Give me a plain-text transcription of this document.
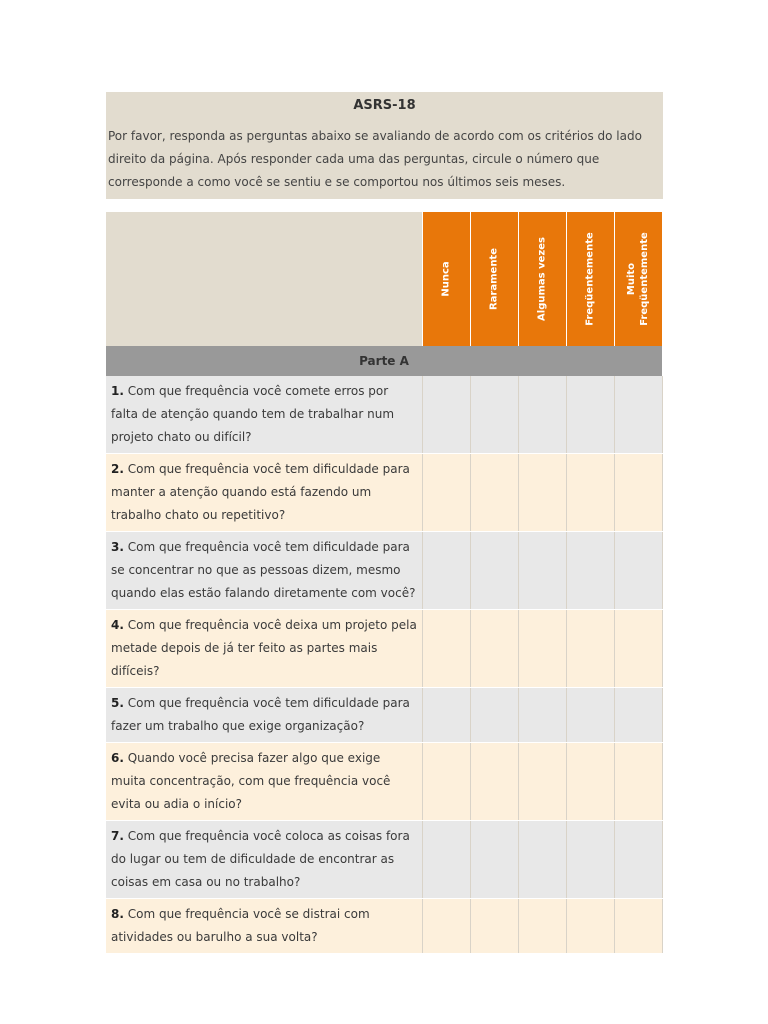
ASRS-18
Por favor, responda as perguntas abaixo se avaliando de acordo com os critérios do lado direito da página. Após responder cada uma das perguntas, circule o número que corresponde a como você se sentiu e se comportou nos últimos seis meses.

	Nunca	Raramente	Algumas vezes	Freqüentemente	Muito
Freqüentemente

Parte A					
1. Com que frequência você comete erros por falta de atenção quando tem de trabalhar num projeto chato ou difícil?					
2. Com que frequência você tem dificuldade para manter a atenção quando está fazendo um trabalho chato ou repetitivo?					
3. Com que frequência você tem dificuldade para se concentrar no que as pessoas dizem, mesmo quando elas estão falando diretamente com você?					
4. Com que frequência você deixa um projeto pela metade depois de já ter feito as partes mais difíceis?					
5. Com que frequência você tem dificuldade para fazer um trabalho que exige organização?					
6. Quando você precisa fazer algo que exige muita concentração, com que frequência você evita ou adia o início?					
7. Com que frequência você coloca as coisas fora do lugar ou tem de dificuldade de encontrar as coisas em casa ou no trabalho?					
8. Com que frequência você se distrai com atividades ou barulho a sua volta?					
